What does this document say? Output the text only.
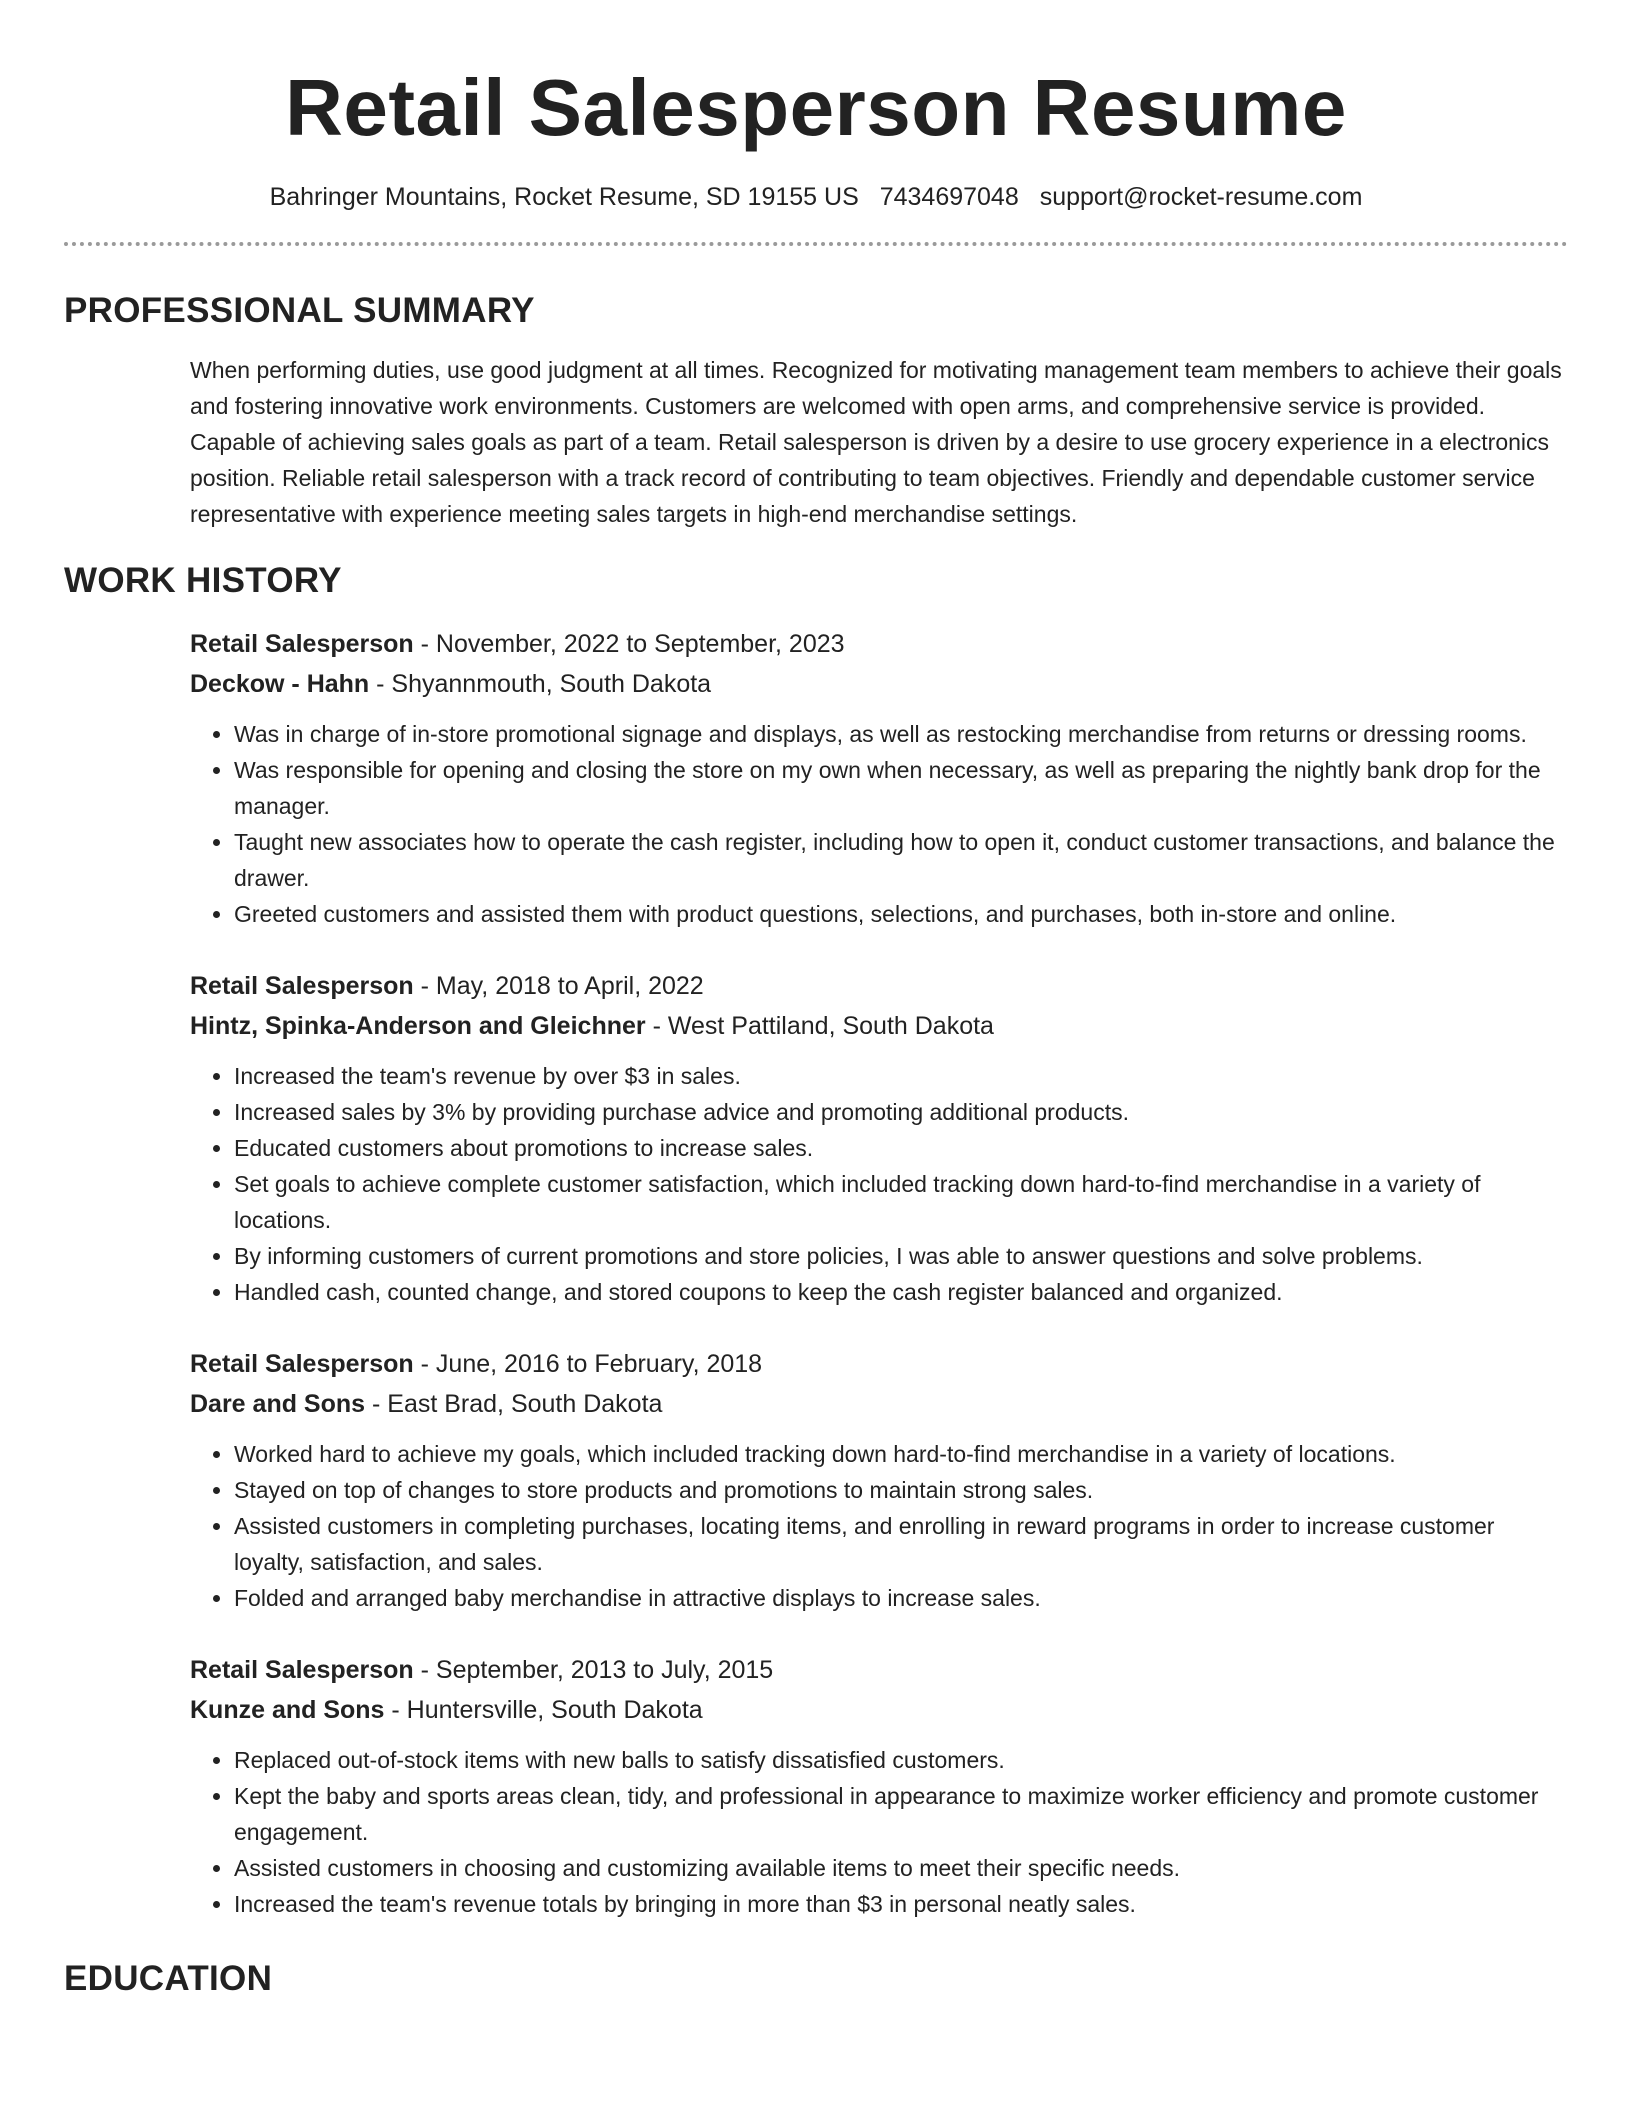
Retail Salesperson Resume
Bahringer Mountains, Rocket Resume, SD 19155 US 7434697048 support@rocket-resume.com
PROFESSIONAL SUMMARY

When performing duties, use good judgment at all times. Recognized for motivating management team members to achieve their goals and fostering innovative work environments. Customers are welcomed with open arms, and comprehensive service is provided. Capable of achieving sales goals as part of a team. Retail salesperson is driven by a desire to use grocery experience in a electronics position. Reliable retail salesperson with a track record of contributing to team objectives. Friendly and dependable customer service representative with experience meeting sales targets in high-end merchandise settings.

WORK HISTORY
Retail Salesperson - November, 2022 to September, 2023
Deckow - Hahn - Shyannmouth, South Dakota
• Was in charge of in-store promotional signage and displays, as well as restocking merchandise from returns or dressing rooms.
• Was responsible for opening and closing the store on my own when necessary, as well as preparing the nightly bank drop for the manager.
• Taught new associates how to operate the cash register, including how to open it, conduct customer transactions, and balance the drawer.
• Greeted customers and assisted them with product questions, selections, and purchases, both in-store and online.
Retail Salesperson - May, 2018 to April, 2022
Hintz, Spinka-Anderson and Gleichner - West Pattiland, South Dakota
• Increased the team's revenue by over $3 in sales.
• Increased sales by 3% by providing purchase advice and promoting additional products.
• Educated customers about promotions to increase sales.
• Set goals to achieve complete customer satisfaction, which included tracking down hard-to-find merchandise in a variety of locations.
• By informing customers of current promotions and store policies, I was able to answer questions and solve problems.
• Handled cash, counted change, and stored coupons to keep the cash register balanced and organized.
Retail Salesperson - June, 2016 to February, 2018
Dare and Sons - East Brad, South Dakota
• Worked hard to achieve my goals, which included tracking down hard-to-find merchandise in a variety of locations.
• Stayed on top of changes to store products and promotions to maintain strong sales.
• Assisted customers in completing purchases, locating items, and enrolling in reward programs in order to increase customer loyalty, satisfaction, and sales.
• Folded and arranged baby merchandise in attractive displays to increase sales.
Retail Salesperson - September, 2013 to July, 2015
Kunze and Sons - Huntersville, South Dakota
• Replaced out-of-stock items with new balls to satisfy dissatisfied customers.
• Kept the baby and sports areas clean, tidy, and professional in appearance to maximize worker efficiency and promote customer engagement.
• Assisted customers in choosing and customizing available items to meet their specific needs.
• Increased the team's revenue totals by bringing in more than $3 in personal neatly sales.
EDUCATION
